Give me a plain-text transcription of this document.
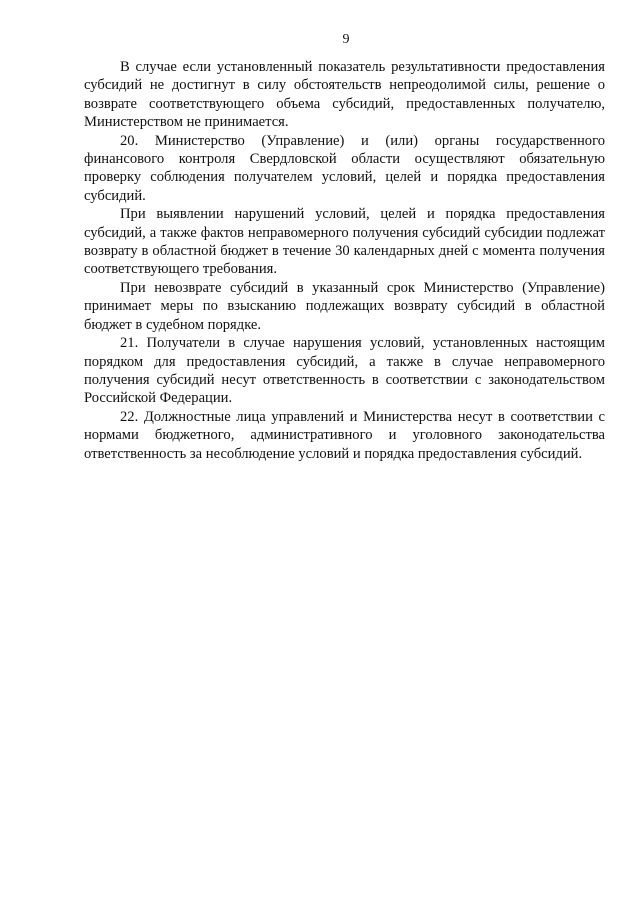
9

В случае если установленный показатель результативности предоставления субсидий не достигнут в силу обстоятельств непреодолимой силы, решение о возврате соответствующего объема субсидий, предоставленных получателю, Министерством не принимается.

20. Министерство (Управление) и (или) органы государственного финансового контроля Свердловской области осуществляют обязательную проверку соблюдения получателем условий, целей и порядка предоставления субсидий.

При выявлении нарушений условий, целей и порядка предоставления субсидий, а также фактов неправомерного получения субсидий субсидии подлежат возврату в областной бюджет в течение 30 календарных дней с момента получения соответствующего требования.

При невозврате субсидий в указанный срок Министерство (Управление) принимает меры по взысканию подлежащих возврату субсидий в областной бюджет в судебном порядке.

21. Получатели в случае нарушения условий, установленных настоящим порядком для предоставления субсидий, а также в случае неправомерного получения субсидий несут ответственность в соответствии с законодательством Российской Федерации.

22. Должностные лица управлений и Министерства несут в соответствии с нормами бюджетного, административного и уголовного законодательства ответственность за несоблюдение условий и порядка предоставления субсидий.
